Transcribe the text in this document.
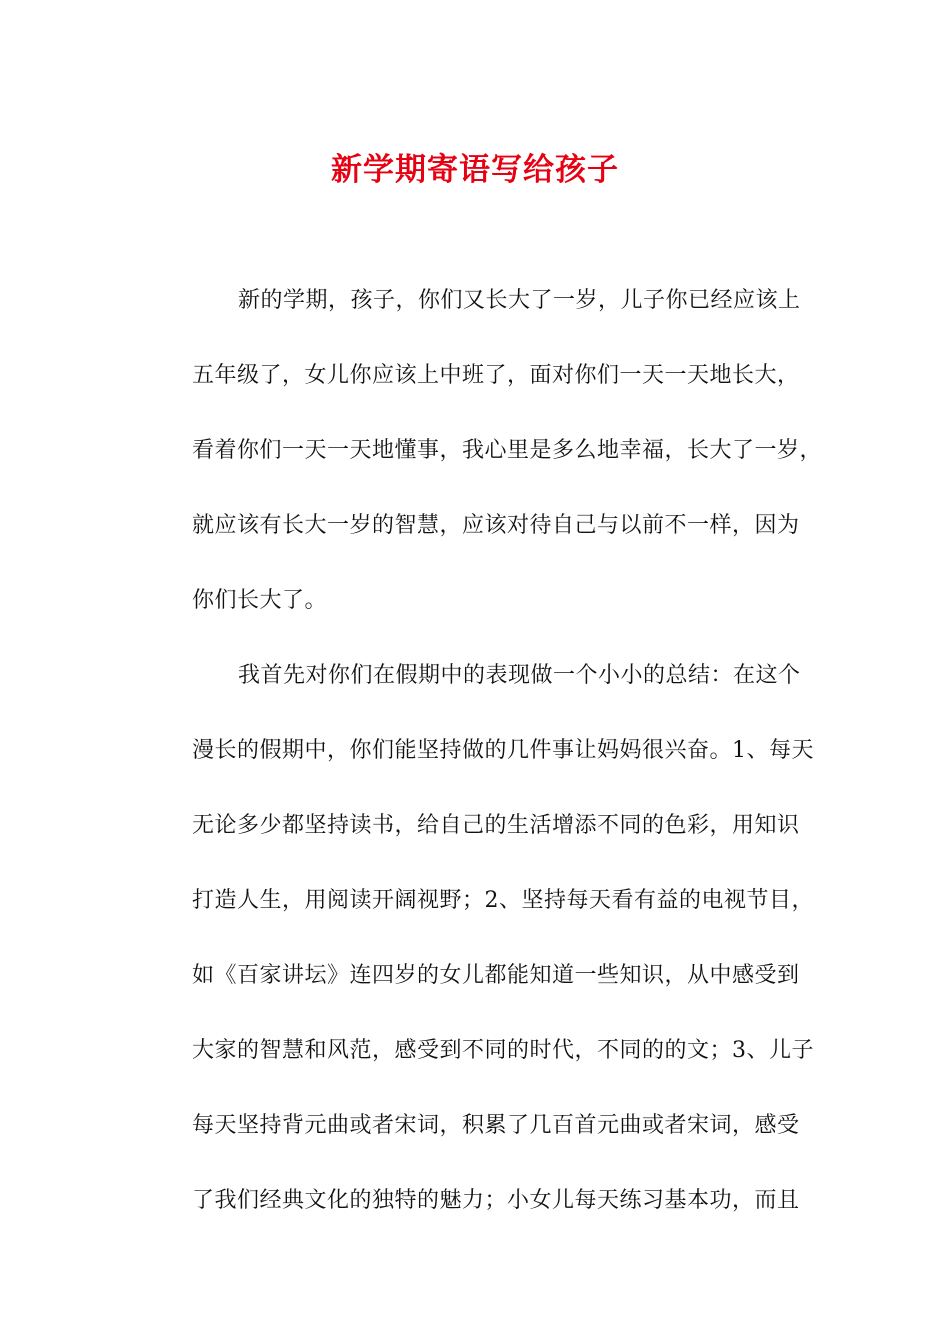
新学期寄语写给孩子
新的学期，孩子，你们又长大了一岁，儿子你已经应该上
五年级了，女儿你应该上中班了，面对你们一天一天地长大，
看着你们一天一天地懂事，我心里是多么地幸福，长大了一岁，
就应该有长大一岁的智慧，应该对待自己与以前不一样，因为
你们长大了。
我首先对你们在假期中的表现做一个小小的总结：在这个
漫长的假期中，你们能坚持做的几件事让妈妈很兴奋。1、每天
无论多少都坚持读书，给自己的生活增添不同的色彩，用知识
打造人生，用阅读开阔视野；2、坚持每天看有益的电视节目，
如《百家讲坛》连四岁的女儿都能知道一些知识，从中感受到
大家的智慧和风范，感受到不同的时代，不同的的文；3、儿子
每天坚持背元曲或者宋词，积累了几百首元曲或者宋词，感受
了我们经典文化的独特的魅力；小女儿每天练习基本功，而且
